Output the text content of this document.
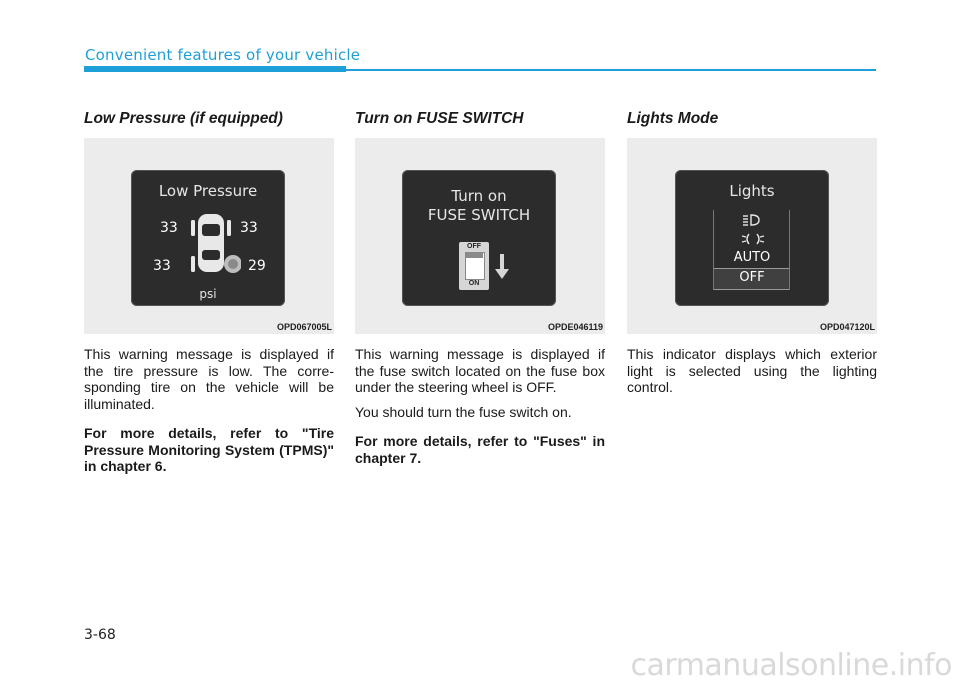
Convenient features of your vehicle
Low Pressure (if equipped)
Low Pressure
33	33
33	29
psi
OPD067005L

This warning message is displayed if the tire pressure is low. The corre-sponding tire on the vehicle will be illuminated.

For more details, refer to "Tire Pressure Monitoring System (TPMS)" in chapter 6.

Turn on FUSE SWITCH
Turn on
FUSE SWITCH
OFF
ON
OPDE046119

This warning message is displayed if the fuse switch located on the fuse box under the steering wheel is OFF.

You should turn the fuse switch on.

For more details, refer to "Fuses" in chapter 7.

Lights Mode
Lights
AUTO
OFF
OPD047120L

This indicator displays which exterior light is selected using the lighting control.

3-68
carmanualsonline.info
